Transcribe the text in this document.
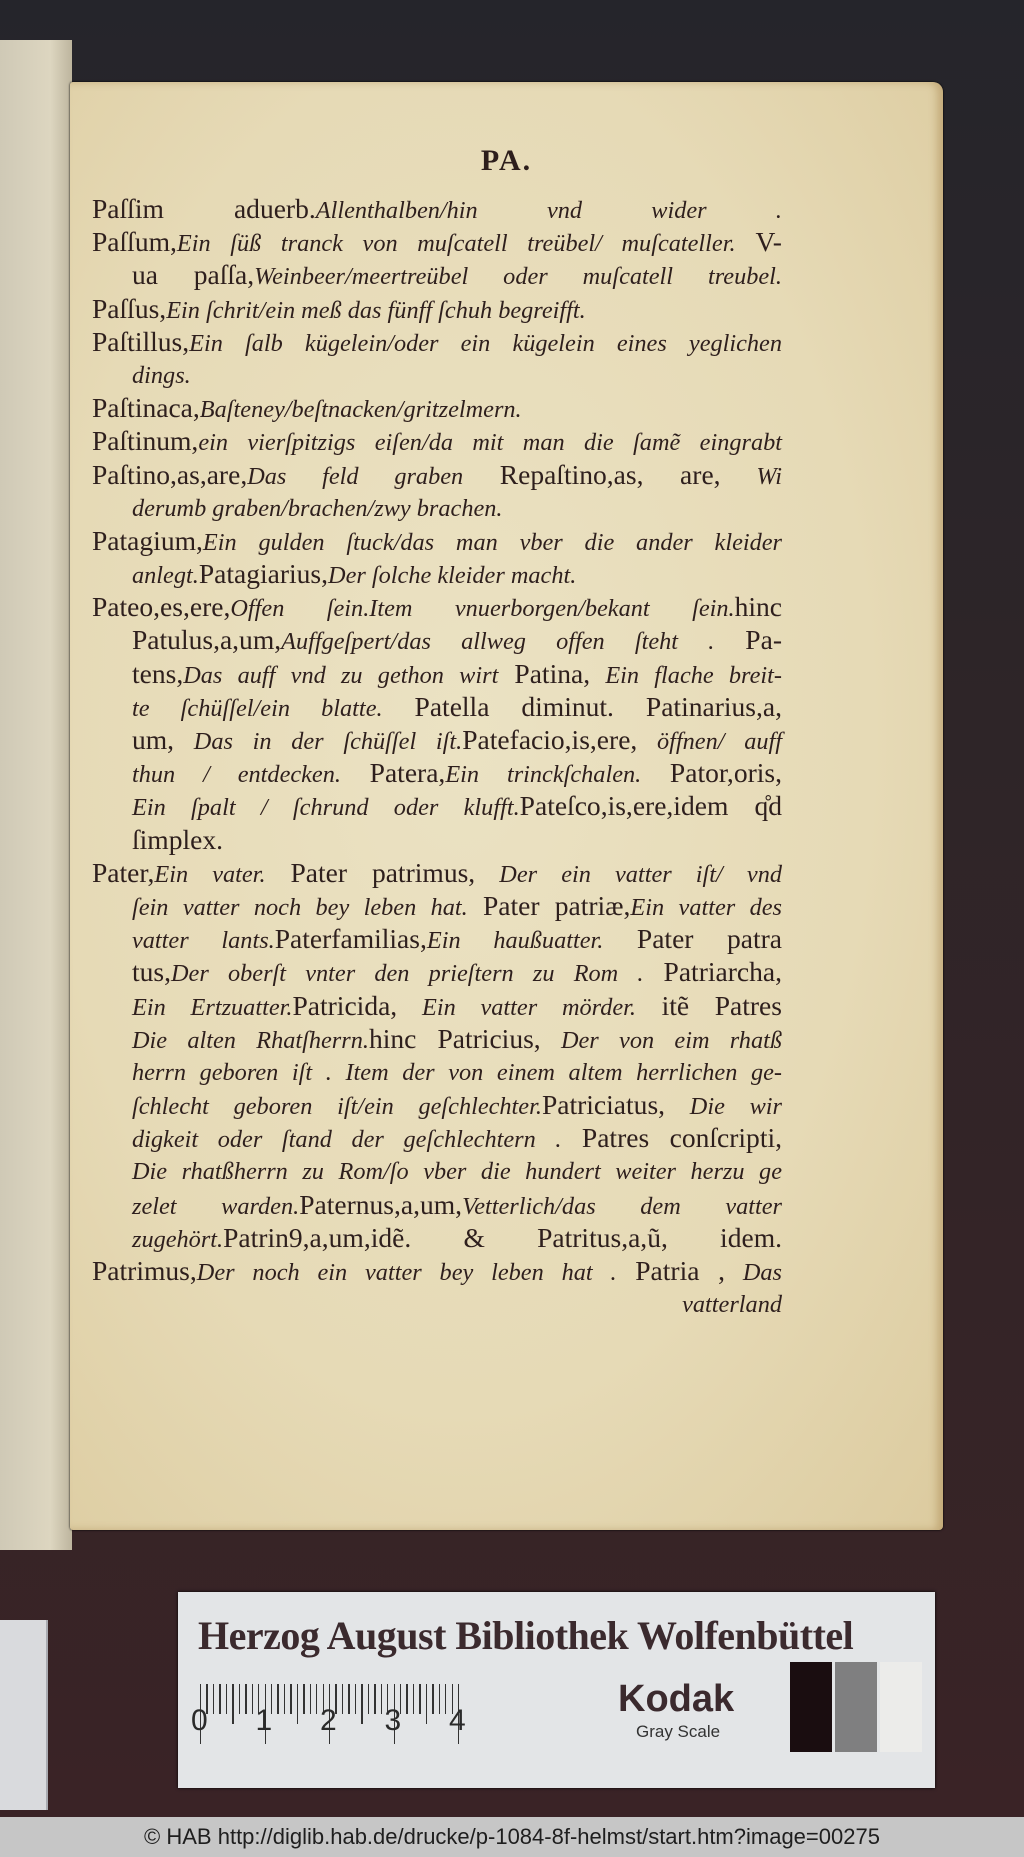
PA.
Paſſim aduerb.Allenthalben/hin vnd wider .
Paſſum,Ein ſüß tranck von muſcatell treübel/ muſcateller. V-
ua paſſa,Weinbeer/meertreübel oder muſcatell treubel.
Paſſus,Ein ſchrit/ein meß das fünff ſchuh begreifft.
Paſtillus,Ein ſalb kügelein/oder ein kügelein eines yeglichen
dings.
Paſtinaca,Baſteney/beſtnacken/gritzelmern.
Paſtinum,ein vierſpitzigs eiſen/da mit man die ſamẽ eingrabt
Paſtino,as,are,Das feld graben Repaſtino,as, are, Wi
derumb graben/brachen/zwy brachen.
Patagium,Ein gulden ſtuck/das man vber die ander kleider
anlegt.Patagiarius,Der ſolche kleider macht.
Pateo,es,ere,Offen ſein.Item vnuerborgen/bekant ſein.hinc
Patulus,a,um,Auffgeſpert/das allweg offen ſteht . Pa-
tens,Das auff vnd zu gethon wirt Patina, Ein flache breit-
te ſchüſſel/ein blatte. Patella diminut. Patinarius,a,
um, Das in der ſchüſſel iſt.Patefacio,is,ere, öffnen/ auff
thun / entdecken. Patera,Ein trinckſchalen. Pator,oris,
Ein ſpalt / ſchrund oder klufft.Pateſco,is,ere,idem q̊d
ſimplex.
Pater,Ein vater. Pater patrimus, Der ein vatter iſt/ vnd
ſein vatter noch bey leben hat. Pater patriæ,Ein vatter des
vatter lants.Paterfamilias,Ein haußuatter. Pater patra
tus,Der oberſt vnter den prieſtern zu Rom . Patriarcha,
Ein Ertzuatter.Patricida, Ein vatter mörder. itẽ Patres
Die alten Rhatſherrn.hinc Patricius, Der von eim rhatß
herrn geboren iſt . Item der von einem altem herrlichen ge-
ſchlecht geboren iſt/ein geſchlechter.Patriciatus, Die wir
digkeit oder ſtand der geſchlechtern . Patres conſcripti,
Die rhatßherrn zu Rom/ſo vber die hundert weiter herzu ge
zelet warden.Paternus,a,um,Vetterlich/das dem vatter
zugehört.Patrin9,a,um,idẽ. & Patritus,a,ũ, idem.
Patrimus,Der noch ein vatter bey leben hat . Patria , Das
vatterland
Herzog August Bibliothek Wolfenbüttel
0 1 2 3 4
Kodak
Gray Scale
© HAB http://diglib.hab.de/drucke/p-1084-8f-helmst/start.htm?image=00275
